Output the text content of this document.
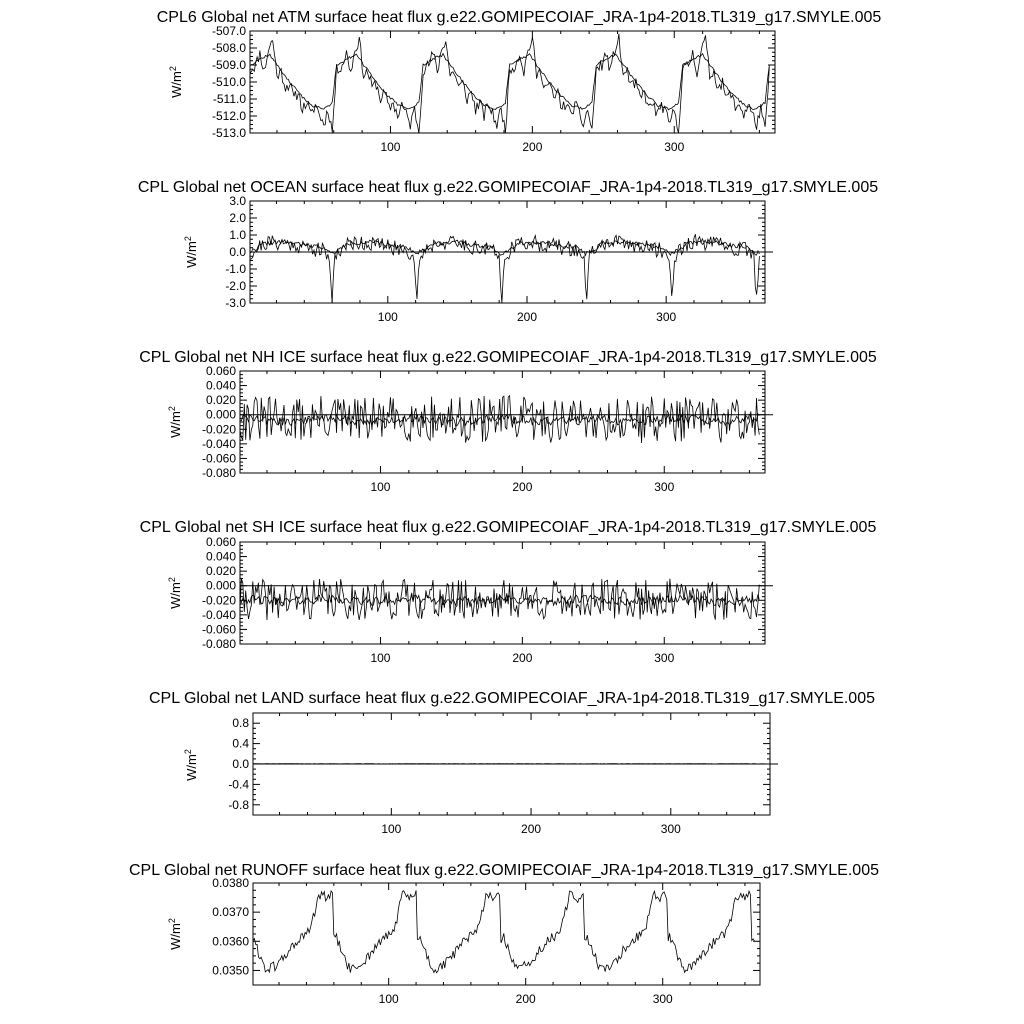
CPL6 Global net ATM surface heat flux g.e22.GOMIPECOIAF_JRA-1p4-2018.TL319_g17.SMYLE.005
$W/m^2$
-507.0
-508.0
-509.0
-510.0
-511.0
-512.0
-513.0
100	200	300
CPL Global net OCEAN surface heat flux g.e22.GOMIPECOIAF_JRA-1p4-2018.TL319_g17.SMYLE.005
$W/m^2$
3.0
2.0
1.0
0.0
-1.0
-2.0
-3.0
100	200	300
CPL Global net NH ICE surface heat flux g.e22.GOMIPECOIAF_JRA-1p4-2018.TL319_g17.SMYLE.005
$W/m^2$
0.060
0.040
0.020
0.000
-0.020
-0.040
-0.060
-0.080
100	200	300
CPL Global net SH ICE surface heat flux g.e22.GOMIPECOIAF_JRA-1p4-2018.TL319_g17.SMYLE.005
$W/m^2$
0.060
0.040
0.020
0.000
-0.020
-0.040
-0.060
-0.080
100	200	300
CPL Global net LAND surface heat flux g.e22.GOMIPECOIAF_JRA-1p4-2018.TL319_g17.SMYLE.005
$W/m^2$
0.8
0.4
0.0
-0.4
-0.8
100	200	300
CPL Global net RUNOFF surface heat flux g.e22.GOMIPECOIAF_JRA-1p4-2018.TL319_g17.SMYLE.005
$W/m^2$
0.0380
0.0370
0.0360
0.0350
100	200	300
